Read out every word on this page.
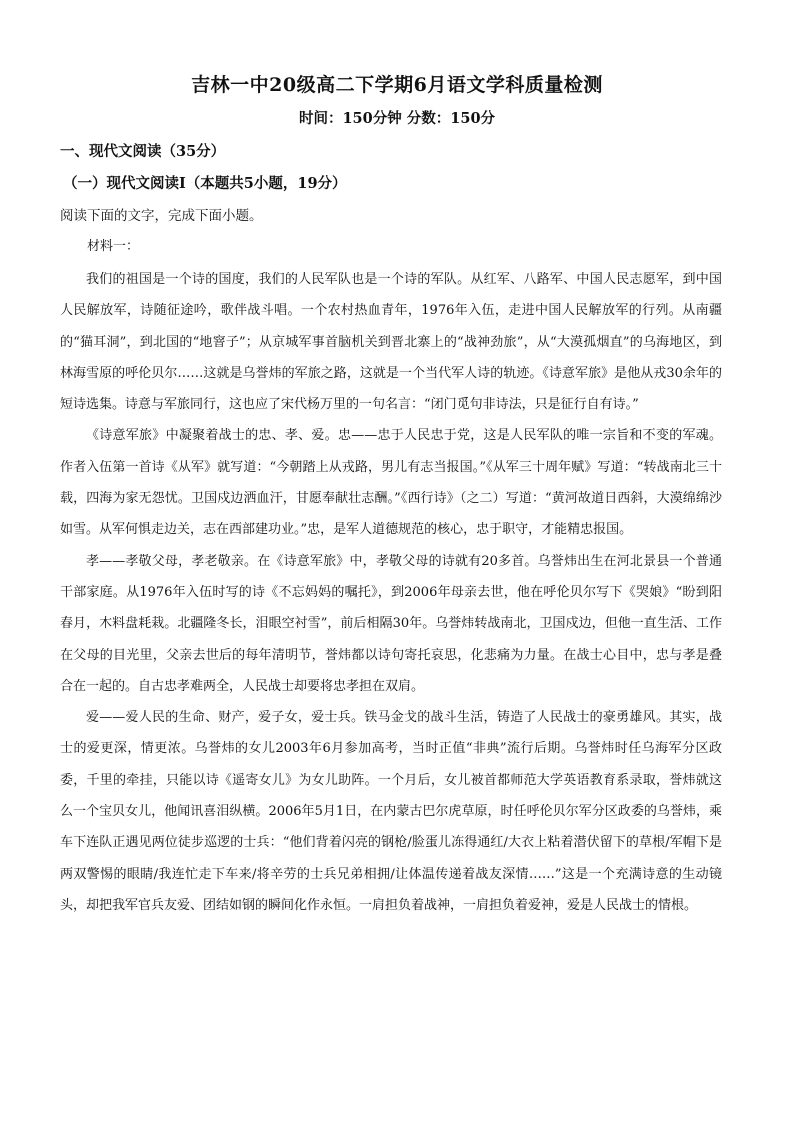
吉林一中20级高二下学期6月语文学科质量检测
时间：150分钟 分数：150分
一、现代文阅读（35分）
（一）现代文阅读Ⅰ（本题共5小题，19分）
阅读下面的文字，完成下面小题。
材料一：

我们的祖国是一个诗的国度，我们的人民军队也是一个诗的军队。从红军、八路军、中国人民志愿军，到中国人民解放军，诗随征途吟，歌伴战斗唱。一个农村热血青年，1976年入伍，走进中国人民解放军的行列。从南疆的“猫耳洞”，到北国的“地窨子”；从京城军事首脑机关到晋北寨上的“战神劲旅”，从“大漠孤烟直”的乌海地区，到林海雪原的呼伦贝尔……这就是乌誉炜的军旅之路，这就是一个当代军人诗的轨迹。《诗意军旅》是他从戎30余年的短诗选集。诗意与军旅同行，这也应了宋代杨万里的一句名言：“闭门觅句非诗法，只是征行自有诗。”

《诗意军旅》中凝聚着战士的忠、孝、爱。忠——忠于人民忠于党，这是人民军队的唯一宗旨和不变的军魂。作者入伍第一首诗《从军》就写道：“今朝踏上从戎路，男儿有志当报国。”《从军三十周年赋》写道：“转战南北三十载，四海为家无怨忧。卫国戍边洒血汗，甘愿奉献壮志酬。”《西行诗》（之二）写道：“黄河故道日西斜，大漠绵绵沙如雪。从军何惧走边关，志在西部建功业。”忠，是军人道德规范的核心，忠于职守，才能精忠报国。

孝——孝敬父母，孝老敬亲。在《诗意军旅》中，孝敬父母的诗就有20多首。乌誉炜出生在河北景县一个普通干部家庭。从1976年入伍时写的诗《不忘妈妈的嘱托》，到2006年母亲去世，他在呼伦贝尔写下《哭娘》“盼到阳春月，木料盘耗栽。北疆隆冬长，泪眼空衬雪”，前后相隔30年。乌誉炜转战南北，卫国戍边，但他一直生活、工作在父母的目光里，父亲去世后的每年清明节，誉炜都以诗句寄托哀思，化悲痛为力量。在战士心目中，忠与孝是叠合在一起的。自古忠孝难两全，人民战士却要将忠孝担在双肩。

爱——爱人民的生命、财产，爱子女，爱士兵。铁马金戈的战斗生活，铸造了人民战士的豪勇雄风。其实，战士的爱更深，情更浓。乌誉炜的女儿2003年6月参加高考，当时正值“非典”流行后期。乌誉炜时任乌海军分区政委，千里的牵挂，只能以诗《遥寄女儿》为女儿助阵。一个月后，女儿被首都师范大学英语教育系录取，誉炜就这么一个宝贝女儿，他闻讯喜泪纵横。2006年5月1日，在内蒙古巴尔虎草原，时任呼伦贝尔军分区政委的乌誉炜，乘车下连队正遇见两位徒步巡逻的士兵：“他们背着闪亮的钢枪/脸蛋儿冻得通红/大衣上粘着潜伏留下的草根/军帽下是两双警惕的眼睛/我连忙走下车来/将辛劳的士兵兄弟相拥/让体温传递着战友深情……”这是一个充满诗意的生动镜头，却把我军官兵友爱、团结如钢的瞬间化作永恒。一肩担负着战神，一肩担负着爱神，爱是人民战士的情根。
